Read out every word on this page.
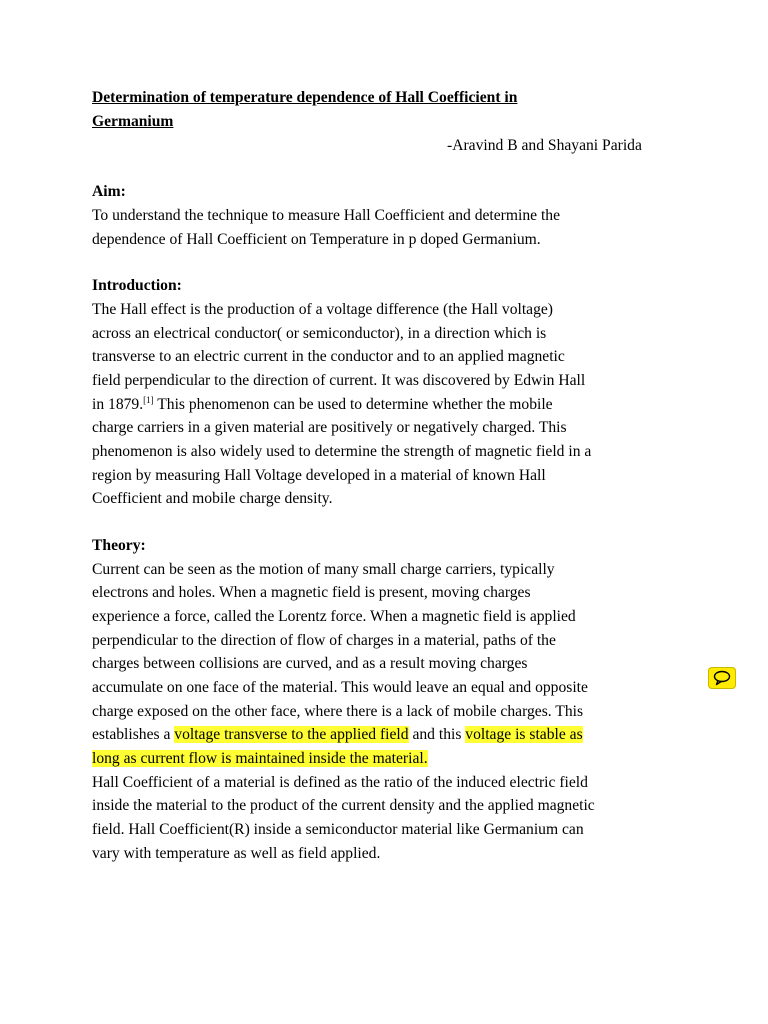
Determination of temperature dependence of Hall Coefficient in
Germanium
-Aravind B and Shayani Parida
Aim:
To understand the technique to measure Hall Coefficient and determine the
dependence of Hall Coefficient on Temperature in p doped Germanium.
Introduction:
The Hall effect is the production of a voltage difference (the Hall voltage)
across an electrical conductor( or semiconductor), in a direction which is
transverse to an electric current in the conductor and to an applied magnetic
field perpendicular to the direction of current. It was discovered by Edwin Hall
in 1879.[1] This phenomenon can be used to determine whether the mobile
charge carriers in a given material are positively or negatively charged. This
phenomenon is also widely used to determine the strength of magnetic field in a
region by measuring Hall Voltage developed in a material of known Hall
Coefficient and mobile charge density.
Theory:
Current can be seen as the motion of many small charge carriers, typically
electrons and holes. When a magnetic field is present, moving charges
experience a force, called the Lorentz force. When a magnetic field is applied
perpendicular to the direction of flow of charges in a material, paths of the
charges between collisions are curved, and as a result moving charges
accumulate on one face of the material. This would leave an equal and opposite
charge exposed on the other face, where there is a lack of mobile charges. This
establishes a voltage transverse to the applied field and this voltage is stable as
long as current flow is maintained inside the material.
Hall Coefficient of a material is defined as the ratio of the induced electric field
inside the material to the product of the current density and the applied magnetic
field. Hall Coefficient(R) inside a semiconductor material like Germanium can
vary with temperature as well as field applied.
